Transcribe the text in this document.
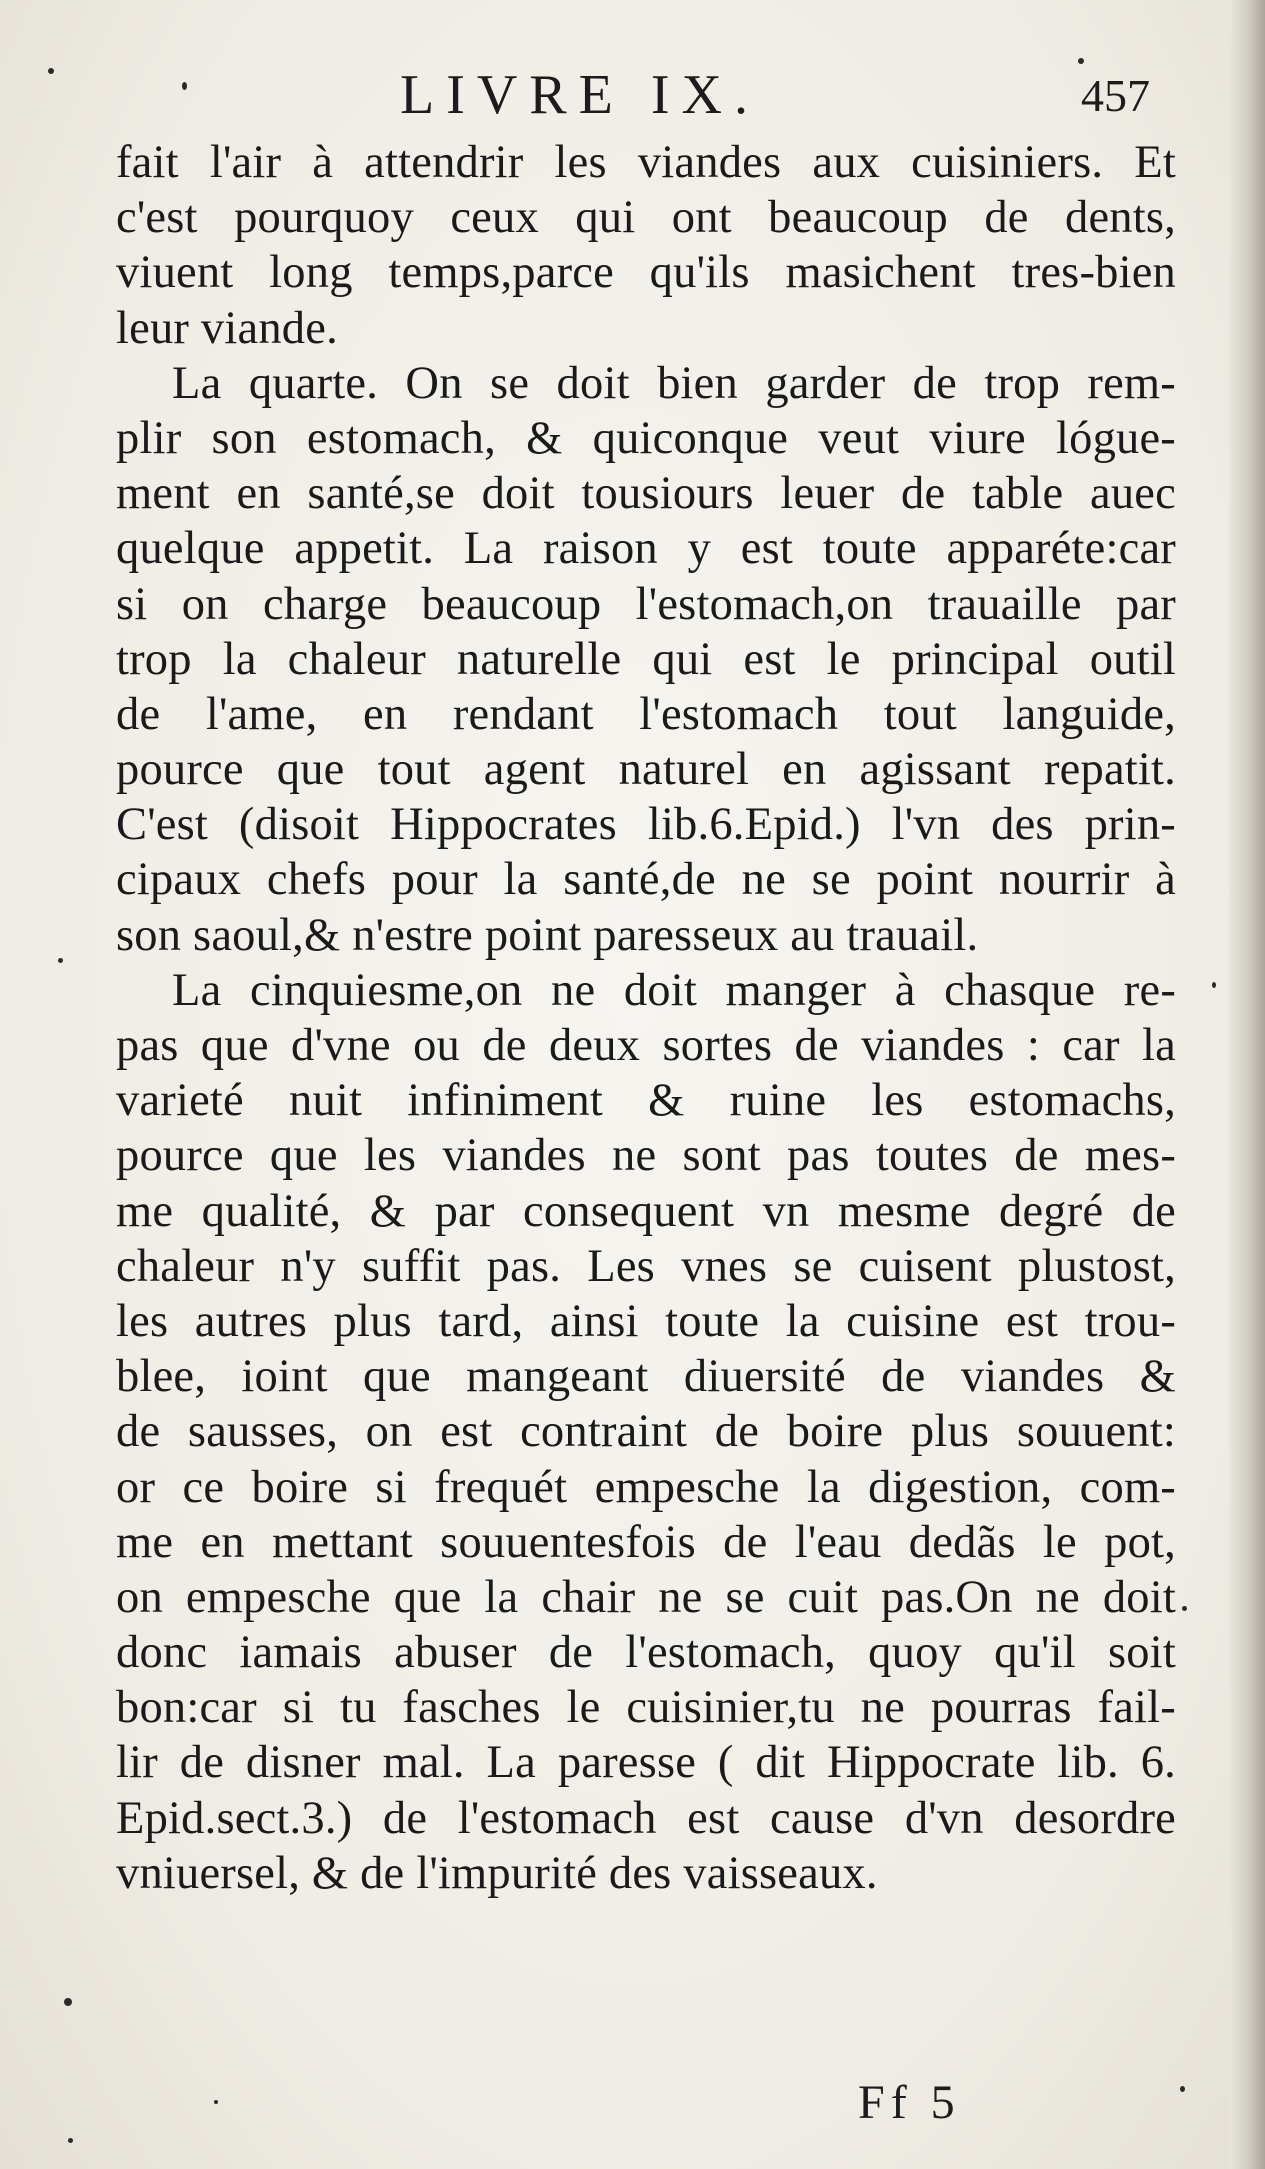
LIVRE IX.	457
fait l'air à attendrir les viandes aux cuisiniers. Et
c'est pourquoy ceux qui ont beaucoup de dents,
viuent long temps,parce qu'ils masichent tres-bien
leur viande.
La quarte. On se doit bien garder de trop rem-
plir son estomach, & quiconque veut viure lógue-
ment en santé,se doit tousiours leuer de table auec
quelque appetit. La raison y est toute apparéte:car
si on charge beaucoup l'estomach,on trauaille par
trop la chaleur naturelle qui est le principal outil
de l'ame, en rendant l'estomach tout languide,
pource que tout agent naturel en agissant repatit.
C'est (disoit Hippocrates lib.6.Epid.) l'vn des prin-
cipaux chefs pour la santé,de ne se point nourrir à
son saoul,& n'estre point paresseux au trauail.
La cinquiesme,on ne doit manger à chasque re-
pas que d'vne ou de deux sortes de viandes : car la
varieté nuit infiniment & ruine les estomachs,
pource que les viandes ne sont pas toutes de mes-
me qualité, & par consequent vn mesme degré de
chaleur n'y suffit pas. Les vnes se cuisent plustost,
les autres plus tard, ainsi toute la cuisine est trou-
blee, ioint que mangeant diuersité de viandes &
de sausses, on est contraint de boire plus souuent:
or ce boire si frequét empesche la digestion, com-
me en mettant souuentesfois de l'eau dedãs le pot,
on empesche que la chair ne se cuit pas.On ne doit
donc iamais abuser de l'estomach, quoy qu'il soit
bon:car si tu fasches le cuisinier,tu ne pourras fail-
lir de disner mal. La paresse ( dit Hippocrate lib. 6.
Epid.sect.3.) de l'estomach est cause d'vn desordre
vniuersel, & de l'impurité des vaisseaux.
Ff 5
